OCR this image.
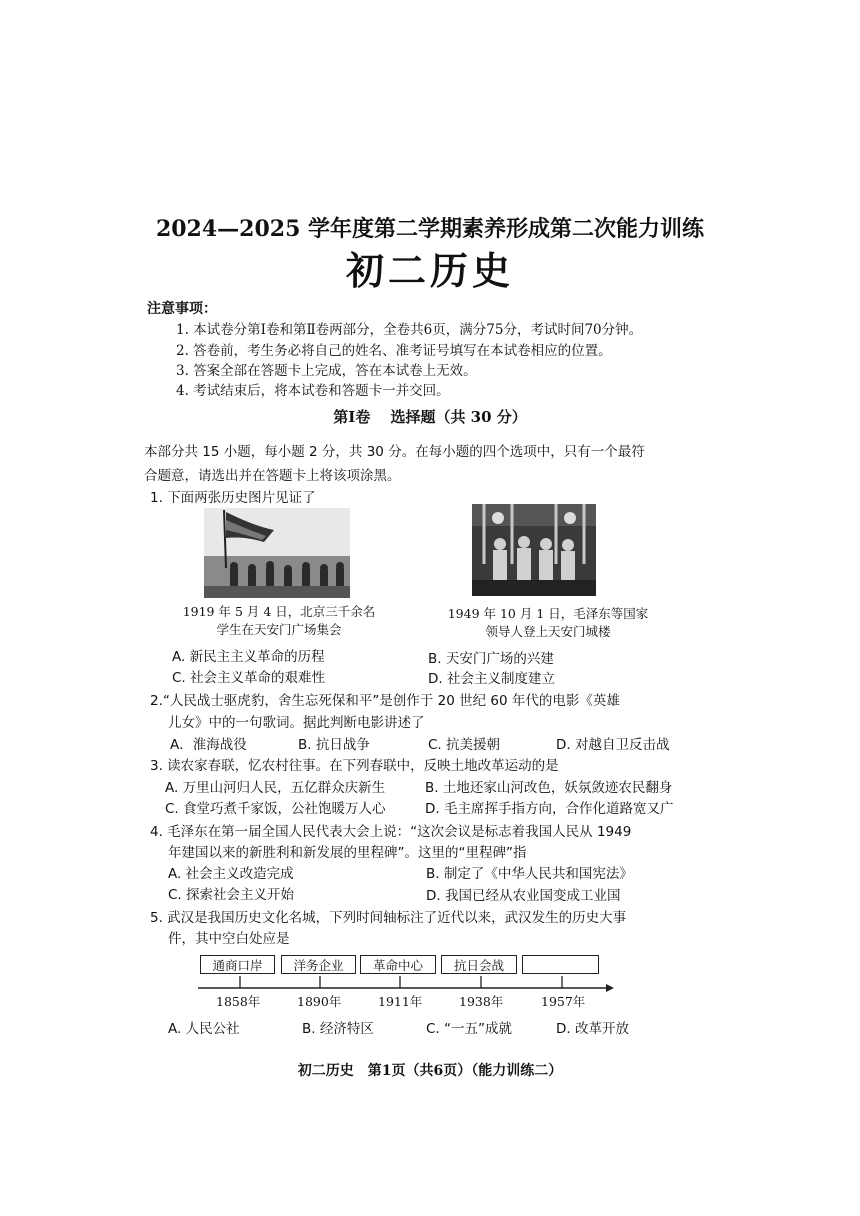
2024—2025 学年度第二学期素养形成第二次能力训练
初二历史
注意事项：
1. 本试卷分第Ⅰ卷和第Ⅱ卷两部分，全卷共6页，满分75分，考试时间70分钟。
2. 答卷前，考生务必将自己的姓名、准考证号填写在本试卷相应的位置。
3. 答案全部在答题卡上完成，答在本试卷上无效。
4. 考试结束后，将本试卷和答题卡一并交回。
第Ⅰ卷　 选择题（共 30 分）
本部分共 15 小题，每小题 2 分，共 30 分。在每小题的四个选项中，只有一个最符
合题意，请选出并在答题卡上将该项涂黑。
1. 下面两张历史图片见证了
1919 年 5 月 4 日，北京三千余名
学生在天安门广场集会
1949 年 10 月 1 日，毛泽东等国家
领导人登上天安门城楼
A. 新民主主义革命的历程	B. 天安门广场的兴建
C. 社会主义革命的艰难性	D. 社会主义制度建立
2.“人民战士驱虎豹，舍生忘死保和平”是创作于 20 世纪 60 年代的电影《英雄
儿女》中的一句歌词。据此判断电影讲述了
A．淮海战役	B. 抗日战争	C. 抗美援朝	D. 对越自卫反击战
3. 读农家春联，忆农村往事。在下列春联中，反映土地改革运动的是
A. 万里山河归人民，五亿群众庆新生	B. 土地还家山河改色，妖氛敛迹农民翻身
C. 食堂巧煮千家饭，公社饱暖万人心	D. 毛主席挥手指方向，合作化道路宽又广
4. 毛泽东在第一届全国人民代表大会上说：“这次会议是标志着我国人民从 1949
年建国以来的新胜利和新发展的里程碑”。这里的“里程碑”指
A. 社会主义改造完成	B. 制定了《中华人民共和国宪法》
C. 探索社会主义开始	D. 我国已经从农业国变成工业国
5. 武汉是我国历史文化名城，下列时间轴标注了近代以来，武汉发生的历史大事
件，其中空白处应是
通商口岸	洋务企业	革命中心	抗日会战
1858年	1890年	1911年	1938年	1957年
A. 人民公社	B. 经济特区	C. “一五”成就	D. 改革开放
初二历史　第1页（共6页）（能力训练二）
